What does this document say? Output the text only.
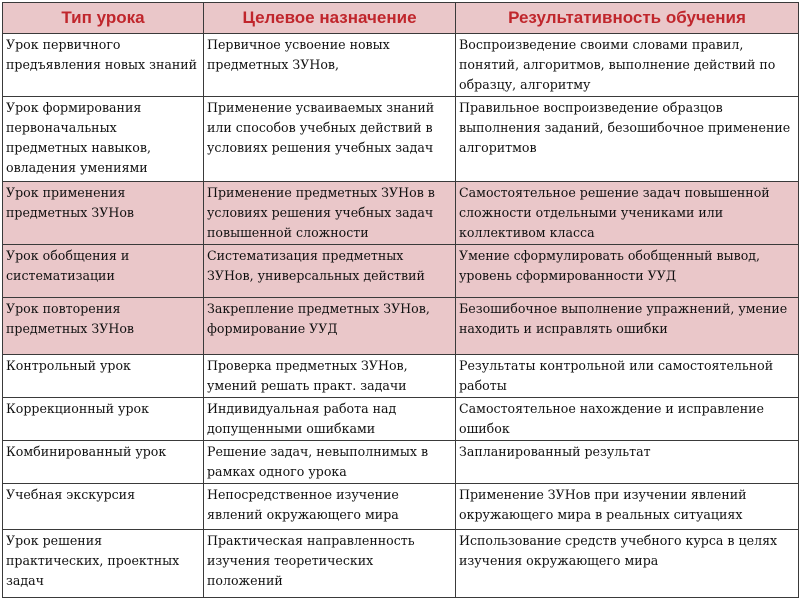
Тип урока	Целевое назначение	Результативность обучения
Урок первичного предъявления новых знаний	Первичное усвоение новых предметных ЗУНов,	Воспроизведение своими словами правил, понятий, алгоритмов, выполнение действий по образцу, алгоритму
Урок формирования первоначальных предметных навыков, овладения умениями	Применение усваиваемых знаний или способов учебных действий в условиях решения учебных задач	Правильное воспроизведение образцов выполнения заданий, безошибочное применение алгоритмов
Урок применения предметных ЗУНов	Применение предметных ЗУНов в условиях решения учебных задач повышенной сложности	Самостоятельное решение задач повышенной сложности отдельными учениками или коллективом класса
Урок обобщения и систематизации	Систематизация предметных ЗУНов, универсальных действий	Умение сформулировать обобщенный вывод, уровень сформированности УУД
Урок повторения предметных ЗУНов	Закрепление предметных ЗУНов, формирование УУД	Безошибочное выполнение упражнений, умение находить и исправлять ошибки
Контрольный урок	Проверка предметных ЗУНов, умений решать практ. задачи	Результаты контрольной или самостоятельной работы
Коррекционный урок	Индивидуальная работа над допущенными ошибками	Самостоятельное нахождение и исправление ошибок
Комбинированный урок	Решение задач, невыполнимых в рамках одного урока	Запланированный результат
Учебная экскурсия	Непосредственное изучение явлений окружающего мира	Применение ЗУНов при изучении явлений окружающего мира в реальных ситуациях
Урок решения практических, проектных задач	Практическая направленность изучения теоретических положений	Использование средств учебного курса в целях изучения окружающего мира
